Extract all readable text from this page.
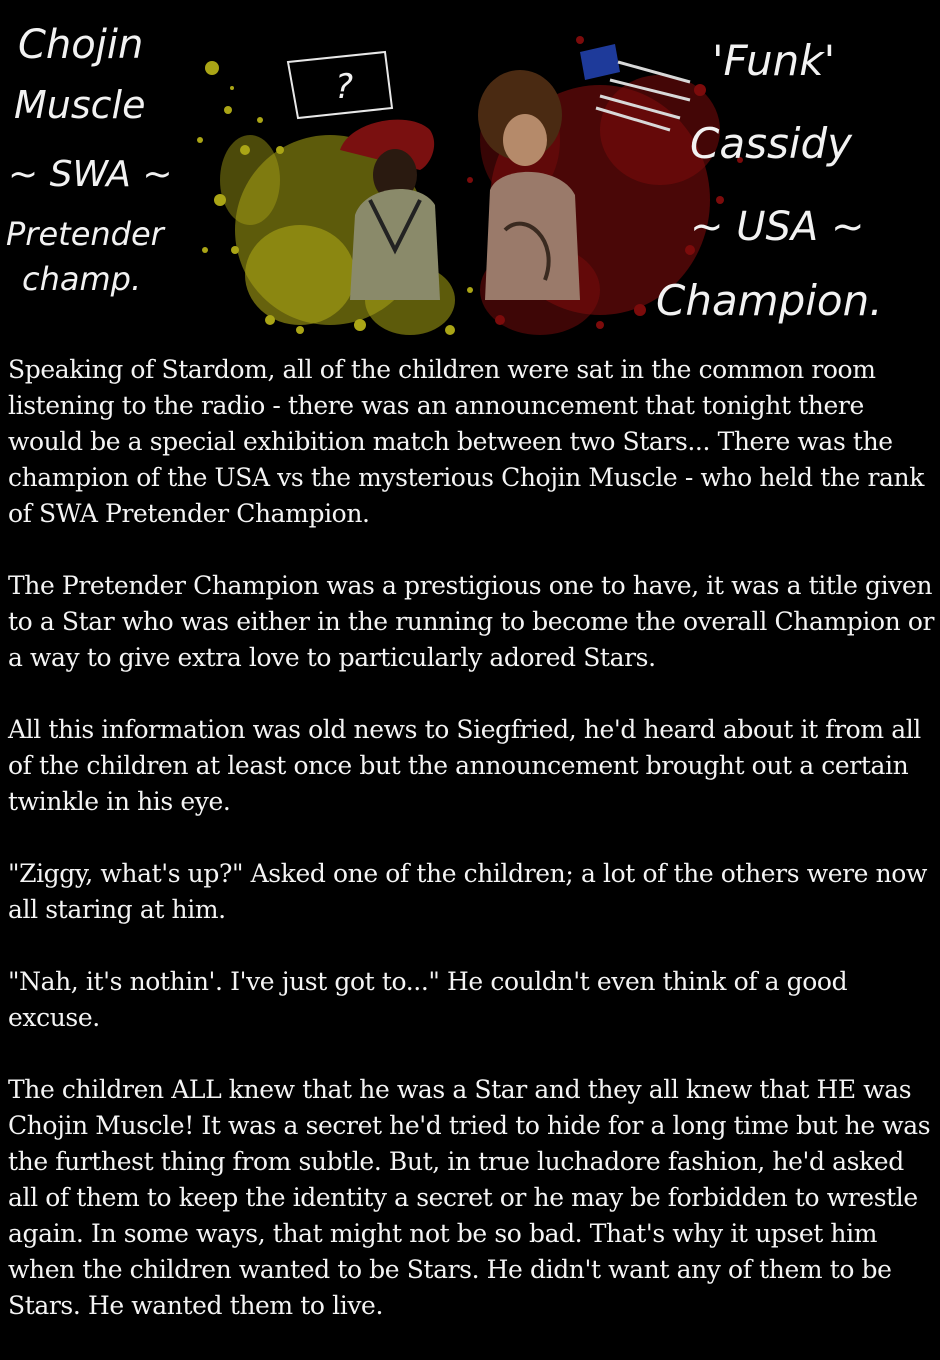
?
Chojin
Muscle
~ SWA ~
Pretender
champ.
'Funk'
Cassidy
~ USA ~
Champion.

Speaking of Stardom, all of the children were sat in the common room listening to the radio - there was an announcement that tonight there would be a special exhibition match between two Stars... There was the champion of the USA vs the mysterious Chojin Muscle - who held the rank of SWA Pretender Champion.

The Pretender Champion was a prestigious one to have, it was a title given to a Star who was either in the running to become the overall Champion or a way to give extra love to particularly adored Stars.

All this information was old news to Siegfried, he'd heard about it from all of the children at least once but the announcement brought out a certain twinkle in his eye.

"Ziggy, what's up?" Asked one of the children; a lot of the others were now all staring at him.

"Nah, it's nothin'. I've just got to..." He couldn't even think of a good excuse.

The children ALL knew that he was a Star and they all knew that HE was Chojin Muscle! It was a secret he'd tried to hide for a long time but he was the furthest thing from subtle. But, in true luchadore fashion, he'd asked all of them to keep the identity a secret or he may be forbidden to wrestle again. In some ways, that might not be so bad. That's why it upset him when the children wanted to be Stars. He didn't want any of them to be Stars. He wanted them to live.
